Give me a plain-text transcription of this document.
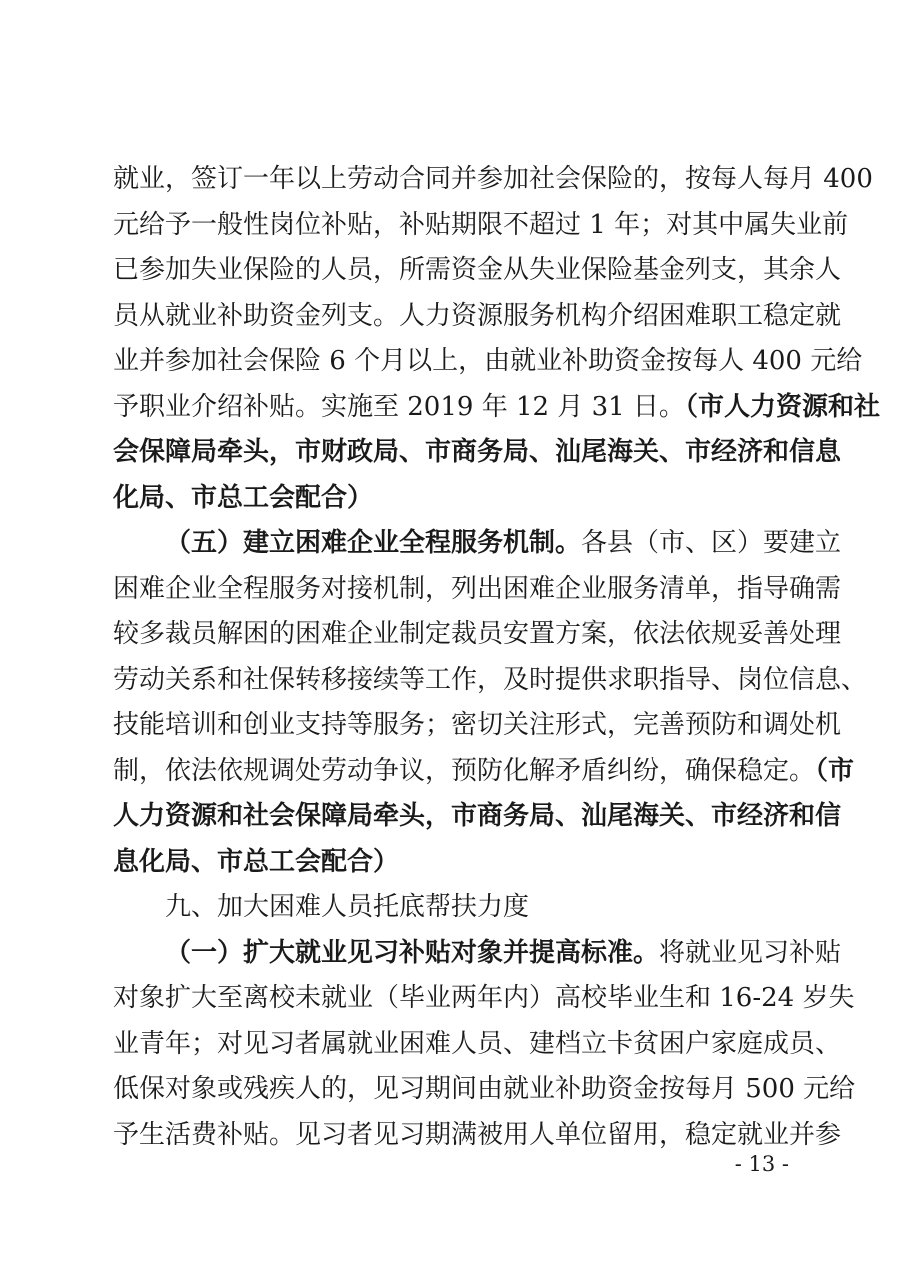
就业，签订一年以上劳动合同并参加社会保险的，按每人每月 400
元给予一般性岗位补贴，补贴期限不超过 1 年；对其中属失业前
已参加失业保险的人员，所需资金从失业保险基金列支，其余人
员从就业补助资金列支。人力资源服务机构介绍困难职工稳定就
业并参加社会保险 6 个月以上，由就业补助资金按每人 400 元给
予职业介绍补贴。实施至 2019 年 12 月 31 日。（市人力资源和社
会保障局牵头，市财政局、市商务局、汕尾海关、市经济和信息
化局、市总工会配合）
（五）建立困难企业全程服务机制。各县（市、区）要建立
困难企业全程服务对接机制，列出困难企业服务清单，指导确需
较多裁员解困的困难企业制定裁员安置方案，依法依规妥善处理
劳动关系和社保转移接续等工作，及时提供求职指导、岗位信息、
技能培训和创业支持等服务；密切关注形式，完善预防和调处机
制，依法依规调处劳动争议，预防化解矛盾纠纷，确保稳定。（市
人力资源和社会保障局牵头，市商务局、汕尾海关、市经济和信
息化局、市总工会配合）
九、加大困难人员托底帮扶力度
（一）扩大就业见习补贴对象并提高标准。将就业见习补贴
对象扩大至离校未就业（毕业两年内）高校毕业生和 16-24 岁失
业青年；对见习者属就业困难人员、建档立卡贫困户家庭成员、
低保对象或残疾人的，见习期间由就业补助资金按每月 500 元给
予生活费补贴。见习者见习期满被用人单位留用，稳定就业并参
- 13 -
